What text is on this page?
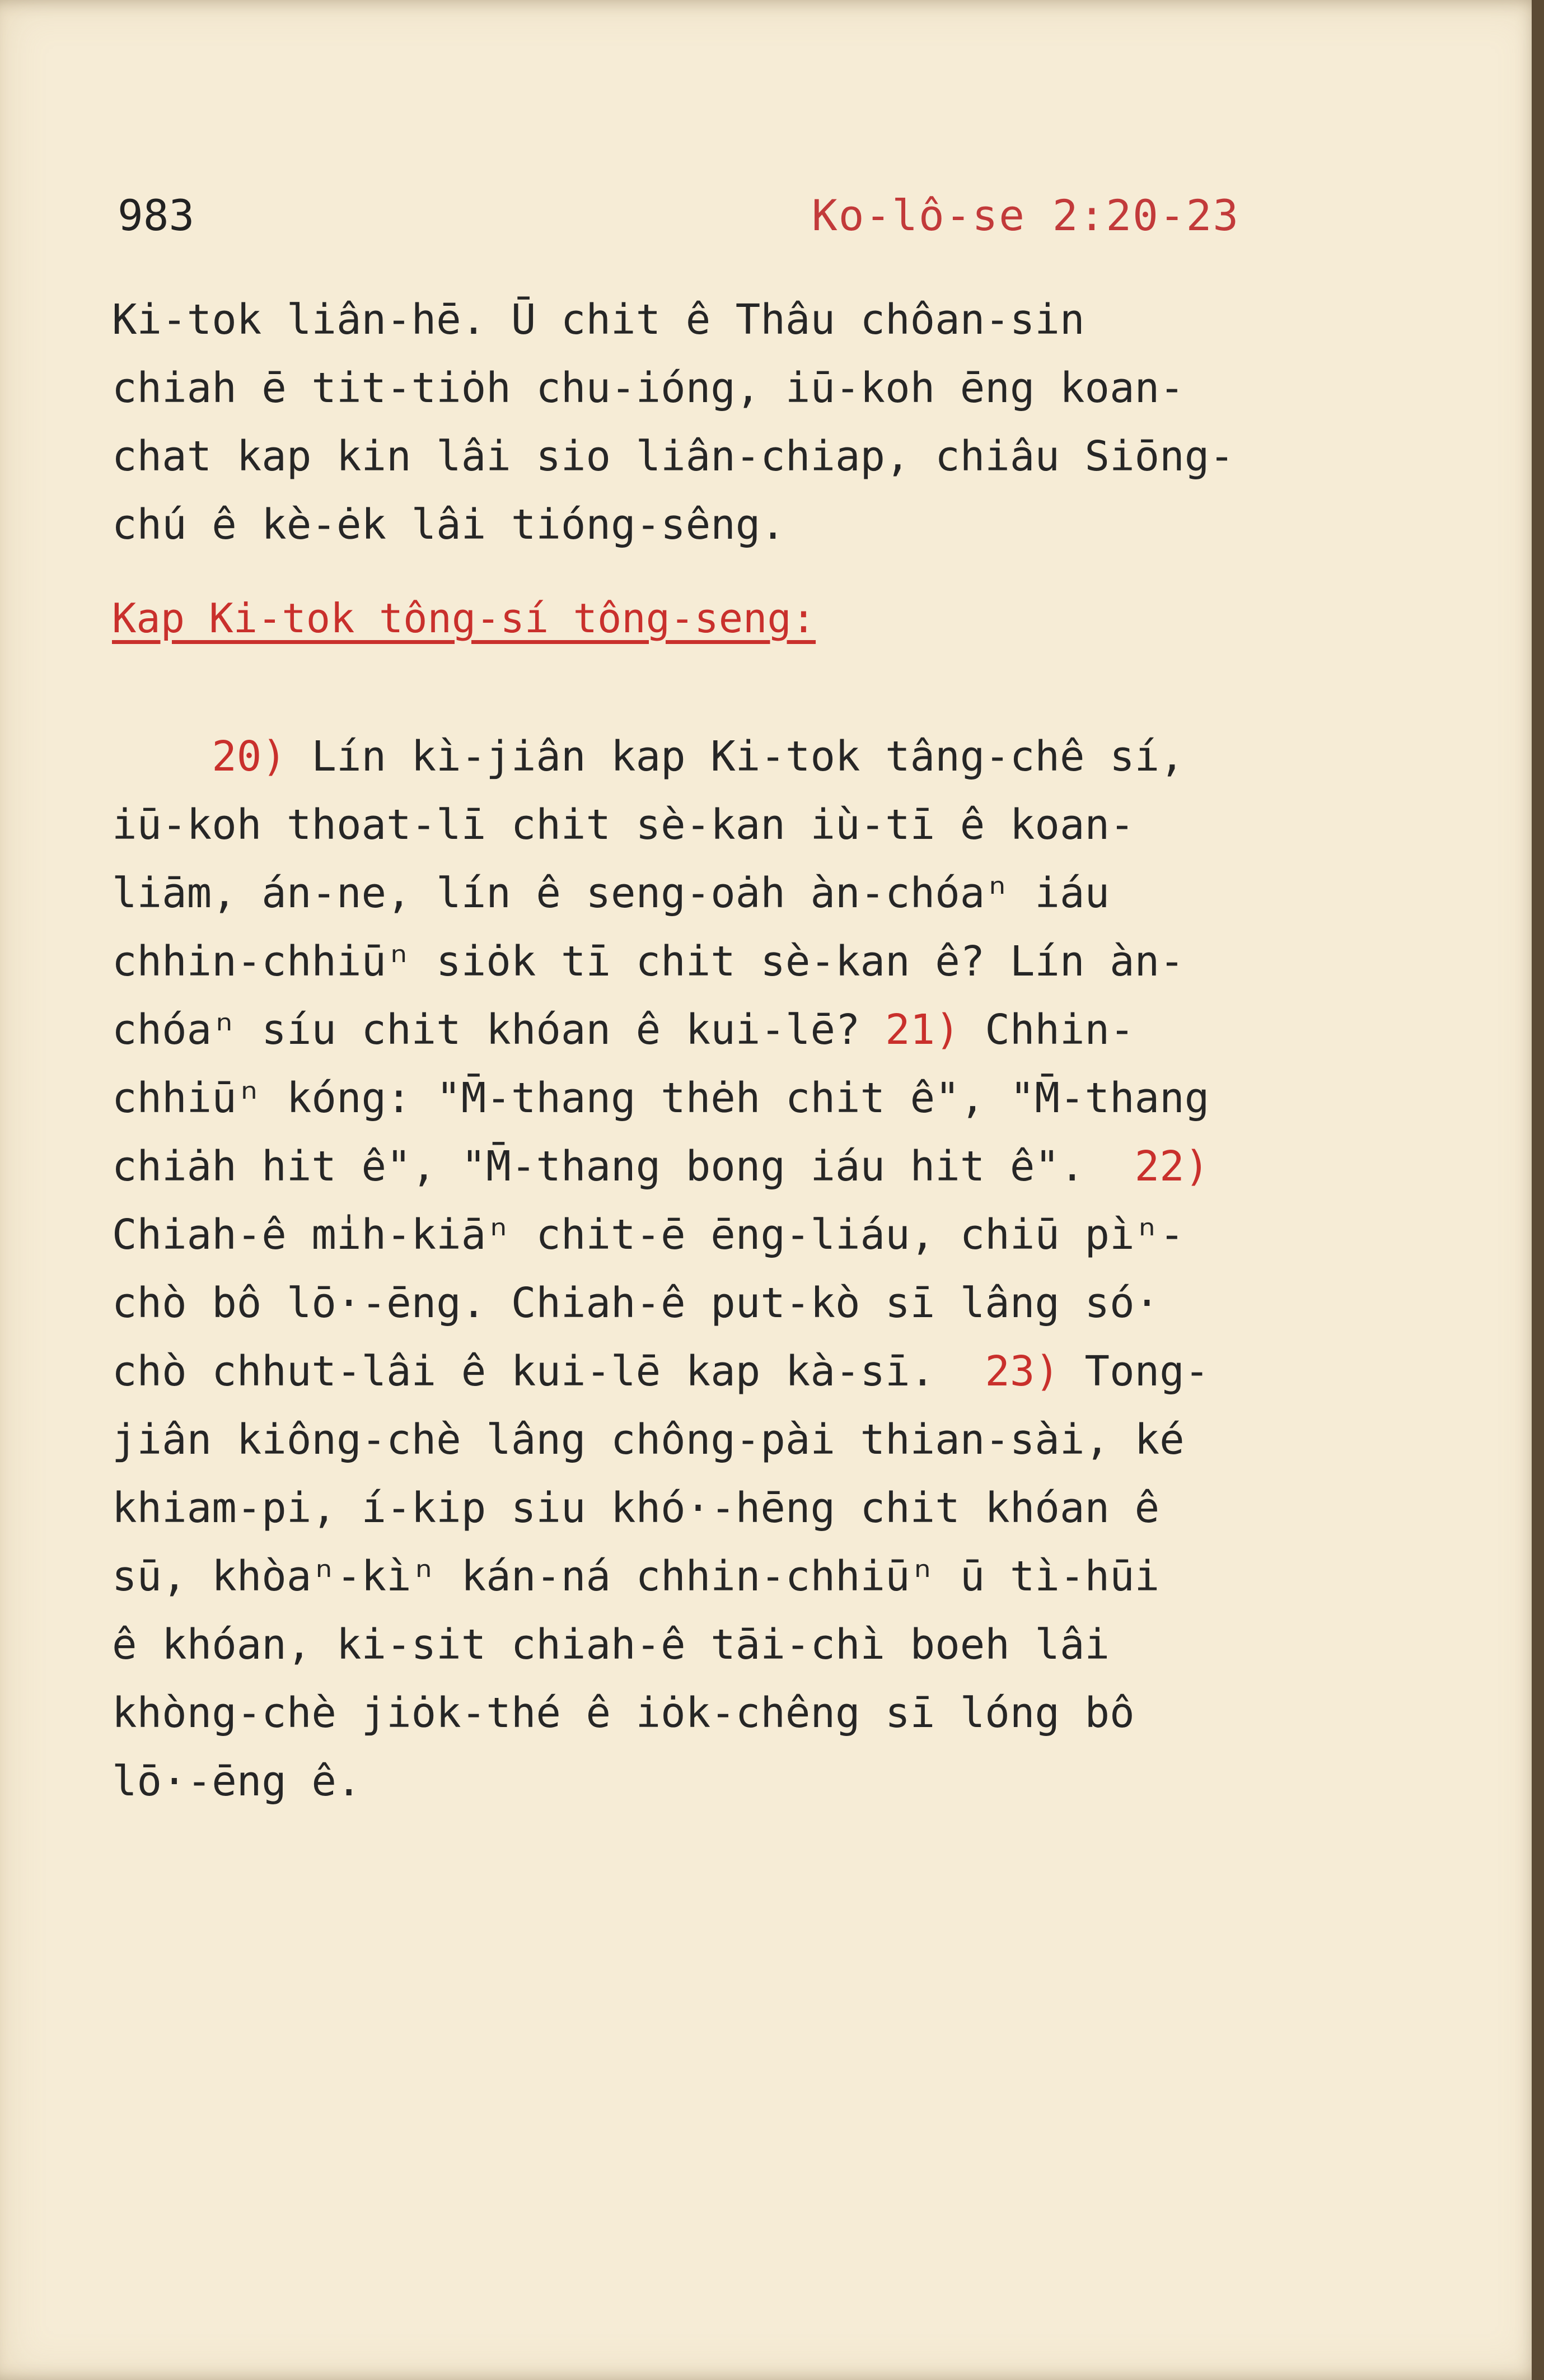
983	Ko-lô-se 2:20-23
Ki-tok liân-hē. Ū chit ê Thâu chôan-sin
chiah ē tit-tiȯh chu-ióng, iū-koh ēng koan-
chat kap kin lâi sio liân-chiap, chiâu Siōng-
chú ê kè-ėk lâi tióng-sêng.
Kap Ki-tok tông-sí tông-seng:
20) Lín kì-jiân kap Ki-tok tâng-chê sí,
iū-koh thoat-lī chit sè-kan iù-tī ê koan-
liām, án-ne, lín ê seng-oȧh àn-chóaⁿ iáu
chhin-chhiūⁿ siȯk tī chit sè-kan ê? Lín àn-
chóaⁿ síu chit khóan ê kui-lē? 21) Chhin-
chhiūⁿ kóng: "M̄-thang thėh chit ê", "M̄-thang
chiȧh hit ê", "M̄-thang bong iáu hit ê".  22)
Chiah-ê mi̍h-kiāⁿ chit-ē ēng-liáu, chiū pìⁿ-
chò bô lō·-ēng. Chiah-ê put-kò sī lâng só·
chò chhut-lâi ê kui-lē kap kà-sī.  23) Tong-
jiân kiông-chè lâng chông-pài thian-sài, ké
khiam-pi, í-kip siu khó·-hēng chit khóan ê
sū, khòaⁿ-kìⁿ kán-ná chhin-chhiūⁿ ū tì-hūi
ê khóan, ki-sit chiah-ê tāi-chì boeh lâi
khòng-chè jiȯk-thé ê iȯk-chêng sī lóng bô
lō·-ēng ê.
